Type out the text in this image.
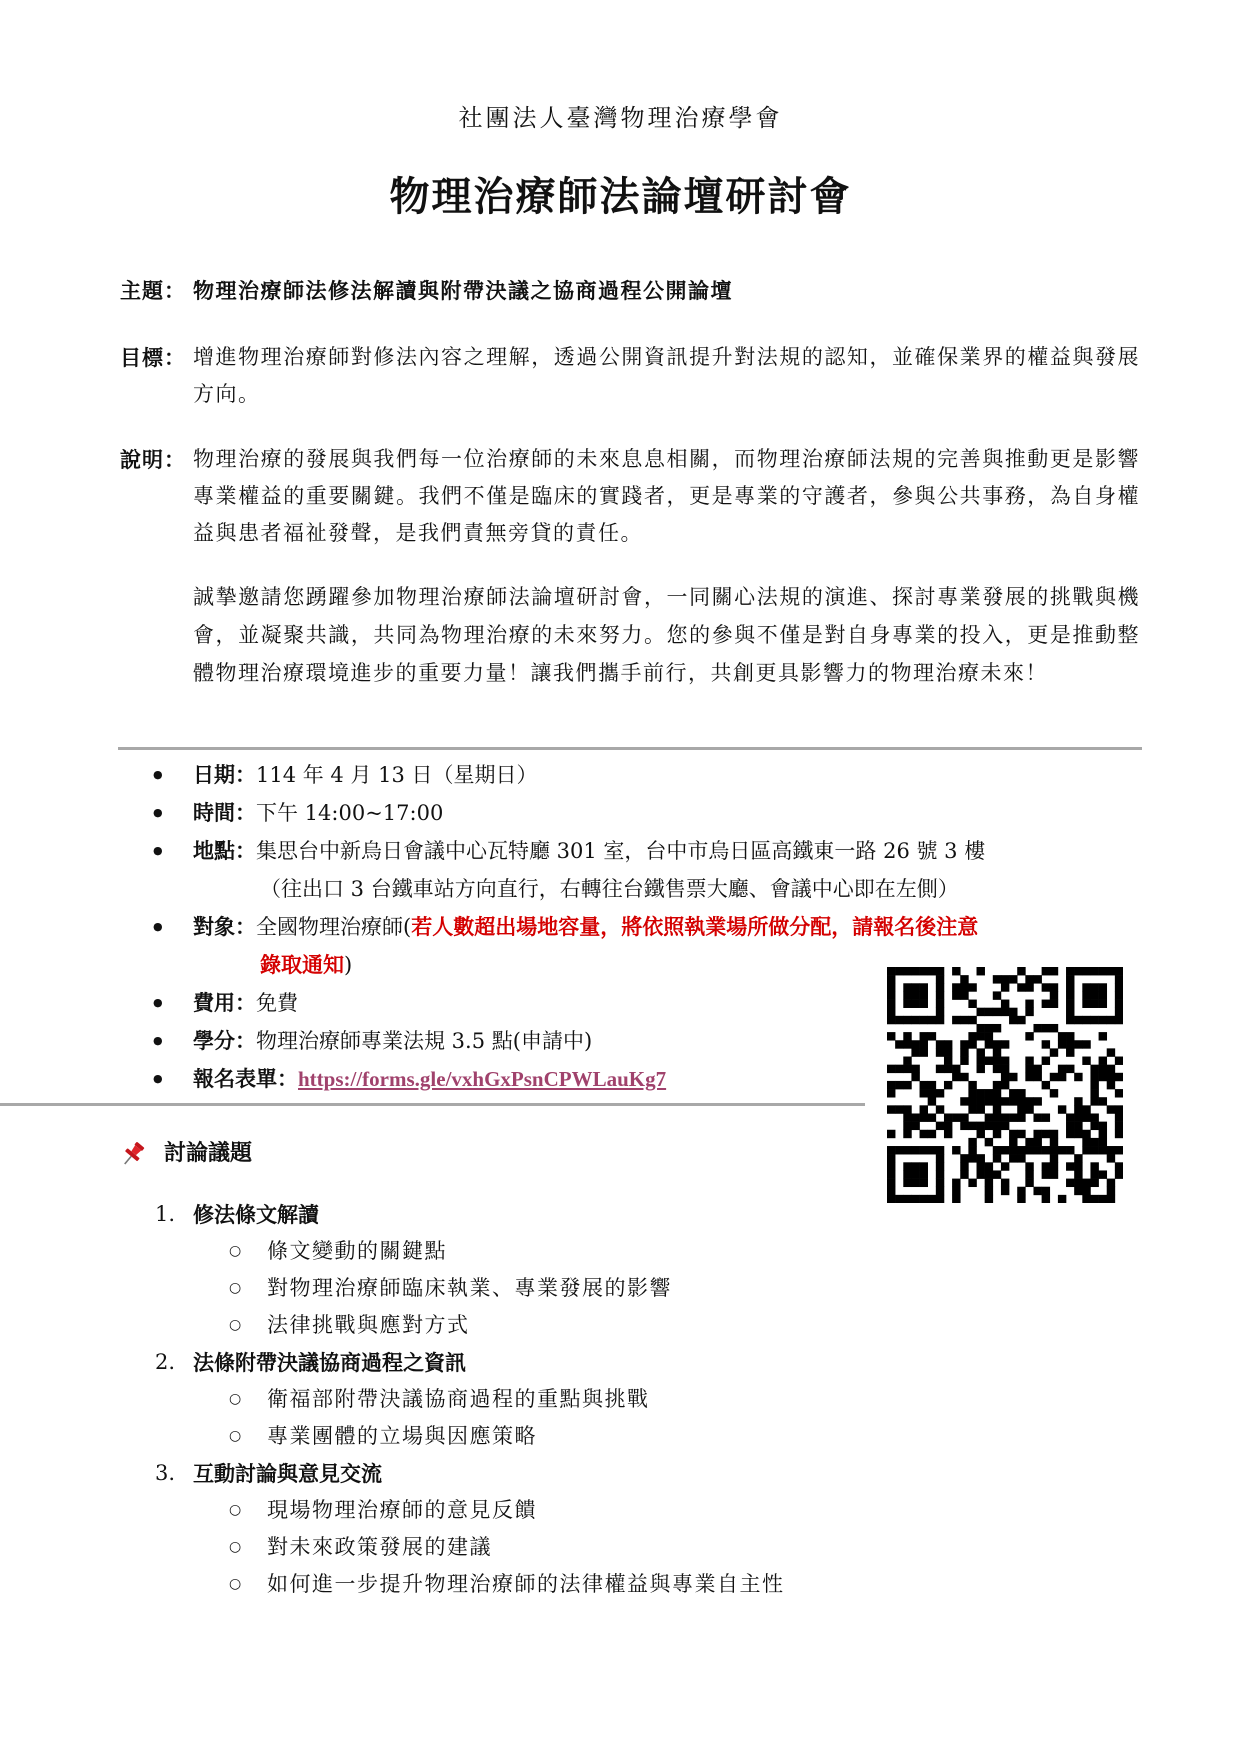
社團法人臺灣物理治療學會
物理治療師法論壇研討會
主題： 物理治療師法修法解讀與附帶決議之協商過程公開論壇
目標： 增進物理治療師對修法內容之理解，透過公開資訊提升對法規的認知，並確保業界的權益與發展方向。
說明： 物理治療的發展與我們每一位治療師的未來息息相關，而物理治療師法規的完善與推動更是影響專業權益的重要關鍵。我們不僅是臨床的實踐者，更是專業的守護者，參與公共事務，為自身權益與患者福祉發聲，是我們責無旁貸的責任。
誠摯邀請您踴躍參加物理治療師法論壇研討會，一同關心法規的演進、探討專業發展的挑戰與機會，並凝聚共識，共同為物理治療的未來努力。您的參與不僅是對自身專業的投入，更是推動整體物理治療環境進步的重要力量！讓我們攜手前行，共創更具影響力的物理治療未來！
● 日期：114 年 4 月 13 日（星期日）
● 時間：下午 14:00~17:00
● 地點：集思台中新烏日會議中心瓦特廳 301 室，台中市烏日區高鐵東一路 26 號 3 樓
（往出口 3 台鐵車站方向直行，右轉往台鐵售票大廳、會議中心即在左側）
● 對象：全國物理治療師(若人數超出場地容量，將依照執業場所做分配，請報名後注意
錄取通知)
● 費用：免費
● 學分：物理治療師專業法規 3.5 點(申請中)
● 報名表單：https://forms.gle/vxhGxPsnCPWLauKg7
討論議題
1. 修法條文解讀
○ 條文變動的關鍵點
○ 對物理治療師臨床執業、專業發展的影響
○ 法律挑戰與應對方式
2. 法條附帶決議協商過程之資訊
○ 衛福部附帶決議協商過程的重點與挑戰
○ 專業團體的立場與因應策略
3. 互動討論與意見交流
○ 現場物理治療師的意見反饋
○ 對未來政策發展的建議
○ 如何進一步提升物理治療師的法律權益與專業自主性
